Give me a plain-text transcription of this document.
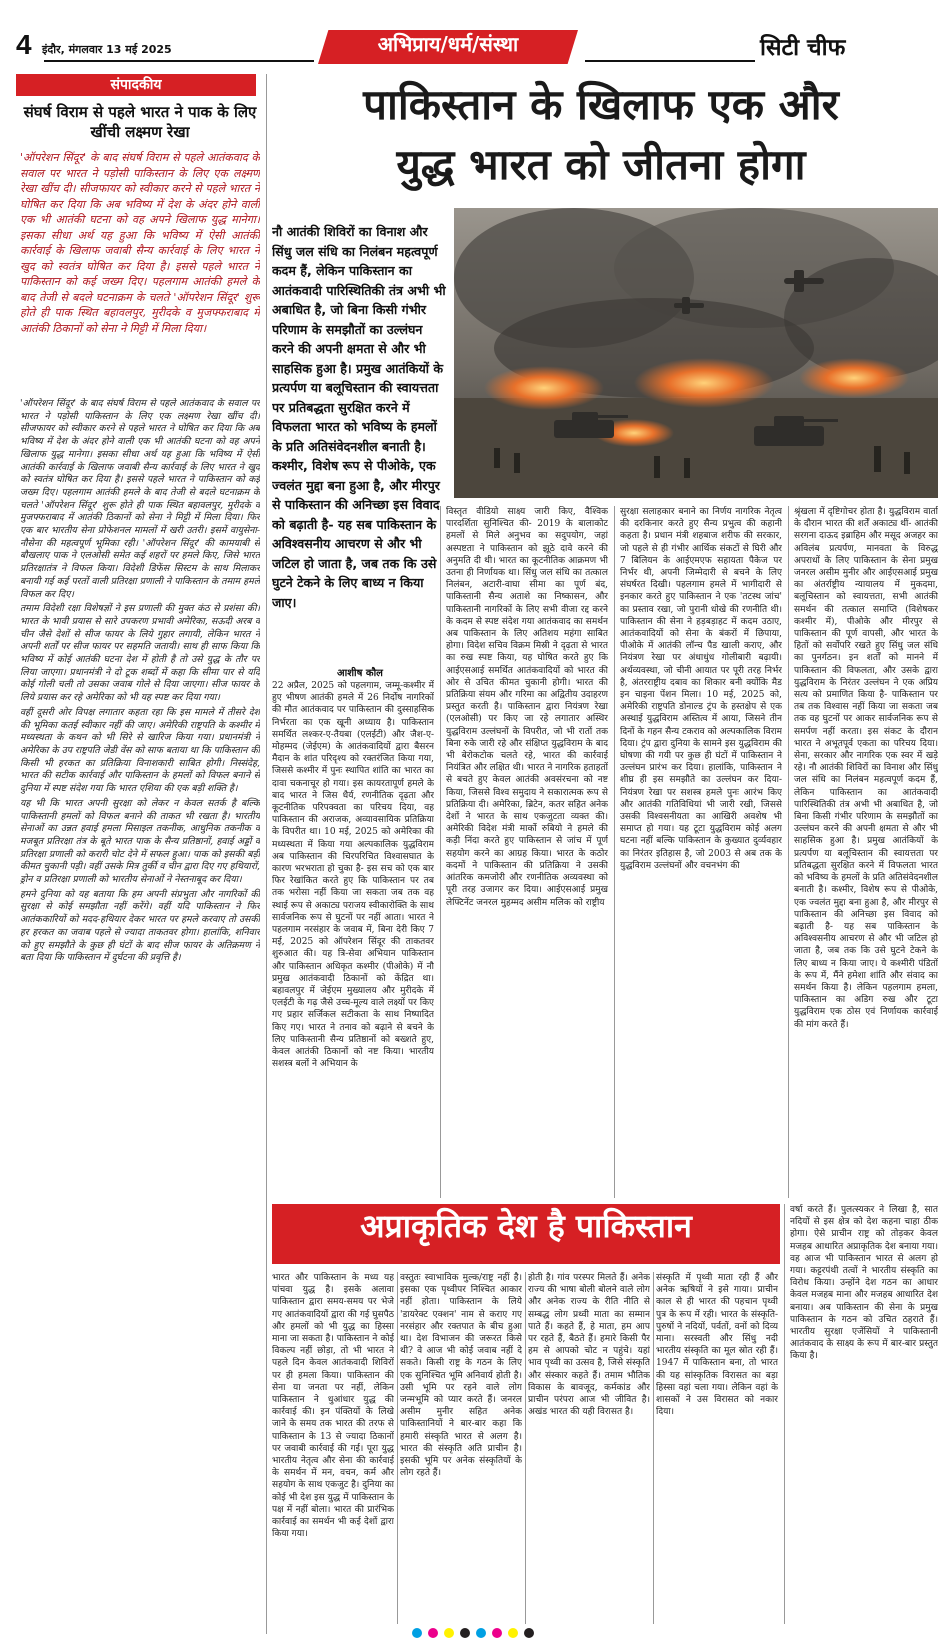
4 इंदौर, मंगलवार 13 मई 2025	अभिप्राय/धर्म/संस्था	सिटी चीफ
संपादकीय
संघर्ष विराम से पहले भारत ने पाक के लिए खींची लक्ष्मण रेखा
'ऑपरेशन सिंदूर' के बाद संघर्ष विराम से पहले आतंकवाद के सवाल पर भारत ने पड़ोसी पाकिस्तान के लिए एक लक्ष्मण रेखा खींच दी। सीजफायर को स्वीकार करने से पहले भारत ने घोषित कर दिया कि अब भविष्य में देश के अंदर होने वाली एक भी आतंकी घटना को वह अपने खिलाफ युद्ध मानेगा। इसका सीधा अर्थ यह हुआ कि भविष्य में ऐसी आतंकी कार्रवाई के खिलाफ जवाबी सैन्य कार्रवाई के लिए भारत ने खुद को स्वतंत्र घोषित कर दिया है। इससे पहले भारत ने पाकिस्तान को कई जख्म दिए। पहलगाम आतंकी हमले के बाद तेजी से बदले घटनाक्रम के चलते 'ऑपरेशन सिंदूर' शुरू होते ही पाक स्थित बहावलपुर, मुरीदके व मुजफ्फराबाद में आतंकी ठिकानों को सेना ने मिट्टी में मिला दिया।

'ऑपरेशन सिंदूर' के बाद संघर्ष विराम से पहले आतंकवाद के सवाल पर भारत ने पड़ोसी पाकिस्तान के लिए एक लक्ष्मण रेखा खींच दी। सीजफायर को स्वीकार करने से पहले भारत ने घोषित कर दिया कि अब भविष्य में देश के अंदर होने वाली एक भी आतंकी घटना को वह अपने खिलाफ युद्ध मानेगा। इसका सीधा अर्थ यह हुआ कि भविष्य में ऐसी आतंकी कार्रवाई के खिलाफ जवाबी सैन्य कार्रवाई के लिए भारत ने खुद को स्वतंत्र घोषित कर दिया है। इससे पहले भारत ने पाकिस्तान को कई जख्म दिए। पहलगाम आतंकी हमले के बाद तेजी से बदले घटनाक्रम के चलते 'ऑपरेशन सिंदूर' शुरू होते ही पाक स्थित बहावलपुर, मुरीदके व मुजफ्फराबाद में आतंकी ठिकानों को सेना ने मिट्टी में मिला दिया। फिर एक बार भारतीय सेना प्रोफेशनल मामलों में खरी उतरी। इसमें वायुसेना-नौसेना की महत्वपूर्ण भूमिका रही। 'ऑपरेशन सिंदूर' की कामयाबी से बौखलाए पाक ने एलओसी समेत कई शहरों पर हमले किए, जिसे भारत प्रतिरक्षातंत्र ने विफल किया। विदेशी डिफेंस सिस्टम के साथ मिलाकर बनायी गई कई परतों वाली प्रतिरक्षा प्रणाली ने पाकिस्तान के तमाम हमले विफल कर दिए।

तमाम विदेशी रक्षा विशेषज्ञों ने इस प्रणाली की मुक्त कंठ से प्रशंसा की। भारत के भावी प्रयास से सारे उपकरण प्रभावी अमेरिका, सऊदी अरब व चीन जैसे देशों से सीज फायर के लिये गुहार लगायी, लेकिन भारत ने अपनी शर्तों पर सीज फायर पर सहमति जतायी। साथ ही साफ किया कि भविष्य में कोई आतंकी घटना देश में होती है तो उसे युद्ध के तौर पर लिया जाएगा। प्रधानमंत्री ने दो टूक शब्दों में कहा कि सीमा पार से यदि कोई गोली चली तो उसका जवाब गोले से दिया जाएगा। सीज फायर के लिये प्रयास कर रहे अमेरिका को भी यह स्पष्ट कर दिया गया।

वहीं दूसरी ओर विपक्ष लगातार कहता रहा कि इस मामले में तीसरे देश की भूमिका कतई स्वीकार नहीं की जाए। अमेरिकी राष्ट्रपति के कश्मीर में मध्यस्थता के कथन को भी सिरे से खारिज किया गया। प्रधानमंत्री ने अमेरिका के उप राष्ट्रपति जेडी वेंस को साफ बताया था कि पाकिस्तान की किसी भी हरकत का प्रतिक्रिया विनाशकारी साबित होगी। निस्संदेह, भारत की सटीक कार्रवाई और पाकिस्तान के हमलों को विफल बनाने से दुनिया में स्पष्ट संदेश गया कि भारत एशिया की एक बड़ी शक्ति है।

यह भी कि भारत अपनी सुरक्षा को लेकर न केवल सतर्क है बल्कि पाकिस्तानी हमलों को विफल बनाने की ताकत भी रखता है। भारतीय सेनाओं का उन्नत हवाई हमला मिसाइल तकनीक, आधुनिक तकनीक व मजबूत प्रतिरक्षा तंत्र के बूते भारत पाक के सैन्य प्रतिष्ठानों, हवाई अड्डों व प्रतिरक्षा प्रणाली को करारी चोट देने में सफल हुआ। पाक को इसकी बड़ी कीमत चुकानी पड़ी। वहीं उसके मित्र तुर्की व चीन द्वारा दिए गए हथियारों, ड्रोन व प्रतिरक्षा प्रणाली को भारतीय सेनाओं ने नेस्तनाबूद कर दिया।

हमने दुनिया को यह बताया कि हम अपनी संप्रभुता और नागरिकों की सुरक्षा से कोई समझौता नहीं करेंगे। वहीं यदि पाकिस्तान ने फिर आतंककारियों को मदद-हथियार देकर भारत पर हमले करवाए तो उसकी हर हरकत का जवाब पहले से ज्यादा ताकतवर होगा। हालांकि, शनिवार को हुए समझौते के कुछ ही घंटों के बाद सीज फायर के अतिक्रमण ने बता दिया कि पाकिस्तान में दुर्घटना की प्रवृत्ति है।

पाकिस्तान के खिलाफ एक और
युद्ध भारत को जीतना होगा
नौ आतंकी शिविरों का विनाश और सिंधु जल संधि का निलंबन महत्वपूर्ण कदम हैं, लेकिन पाकिस्तान का आतंकवादी पारिस्थितिकी तंत्र अभी भी अबाधित है, जो बिना किसी गंभीर परिणाम के समझौतों का उल्लंघन करने की अपनी क्षमता से और भी साहसिक हुआ है। प्रमुख आतंकियों के प्रत्यर्पण या बलूचिस्तान की स्वायत्तता पर प्रतिबद्धता सुरक्षित करने में विफलता भारत को भविष्य के हमलों के प्रति अतिसंवेदनशील बनाती है। कश्मीर, विशेष रूप से पीओके, एक ज्वलंत मुद्दा बना हुआ है, और मीरपुर से पाकिस्तान की अनिच्छा इस विवाद को बढ़ाती है- यह सब पाकिस्तान के अविश्वसनीय आचरण से और भी जटिल हो जाता है, जब तक कि उसे घुटने टेकने के लिए बाध्य न किया जाए।
आशीष कौल
22 अप्रैल, 2025 को पहलगाम, जम्मू-कश्मीर में हुए भीषण आतंकी हमले में 26 निर्दोष नागरिकों की मौत आतंकवाद पर पाकिस्तान की दुस्साहसिक निर्भरता का एक खूनी अध्याय है। पाकिस्तान समर्थित लश्कर-ए-तैयबा (एलईटी) और जैश-ए-मोहम्मद (जेईएम) के आतंकवादियों द्वारा बैसरन मैदान के शांत परिदृश्य को रक्तरंजित किया गया, जिससे कश्मीर में पुनः स्थापित शांति का भारत का दावा चकनाचूर हो गया। इस कायरतापूर्ण हमले के बाद भारत ने जिस धैर्य, रणनीतिक दृढ़ता और कूटनीतिक परिपक्वता का परिचय दिया, वह पाकिस्तान की अराजक, अव्यावसायिक प्रतिक्रिया के विपरीत था। 10 मई, 2025 को अमेरिका की मध्यस्थता में किया गया अल्पकालिक युद्धविराम अब पाकिस्तान की चिरपरिचित विश्वासघात के कारण भरभराता हो चुका है- इस सच को एक बार फिर रेखांकित करते हुए कि पाकिस्तान पर तब तक भरोसा नहीं किया जा सकता जब तक वह स्थाई रूप से अकाट्य पराजय स्वीकारोक्ति के साथ सार्वजनिक रूप से घुटनों पर नहीं आता। भारत ने पहलगाम नरसंहार के जवाब में, बिना देरी किए 7 मई, 2025 को ऑपरेशन सिंदूर की ताकतवर शुरुआत की। यह त्रि-सेवा अभियान पाकिस्तान और पाकिस्तान अधिकृत कश्मीर (पीओके) में नौ प्रमुख आतंकवादी ठिकानों को केंद्रित था। बहावलपुर में जेईएम मुख्यालय और मुरीदके में एलईटी के गढ़ जैसे उच्च-मूल्य वाले लक्ष्यों पर किए गए प्रहार सर्जिकल सटीकता के साथ निष्पादित किए गए। भारत ने तनाव को बढ़ाने से बचने के लिए पाकिस्तानी सैन्य प्रतिष्ठानों को बख्शते हुए, केवल आतंकी ठिकानों को नष्ट किया। भारतीय सशस्त्र बलों ने अभियान के
विस्तृत वीडियो साक्ष्य जारी किए, वैश्विक पारदर्शिता सुनिश्चित की- 2019 के बालाकोट हमलों से मिले अनुभव का सदुपयोग, जहां अस्पष्टता ने पाकिस्तान को झूठे दावे करने की अनुमति दी थी। भारत का कूटनीतिक आक्रमण भी उतना ही निर्णायक था। सिंधु जल संधि का तत्काल निलंबन, अटारी-वाघा सीमा का पूर्ण बंद, पाकिस्तानी सैन्य अताशे का निष्कासन, और पाकिस्तानी नागरिकों के लिए सभी वीजा रद्द करने के कदम से स्पष्ट संदेश गया आतंकवाद का समर्थन अब पाकिस्तान के लिए अतिशय महंगा साबित होगा। विदेश सचिव विक्रम मिस्री ने दृढ़ता से भारत का रुख स्पष्ट किया, यह घोषित करते हुए कि आईएसआई समर्थित आतंकवादियों को भारत की ओर से उचित कीमत चुकानी होगी। भारत की प्रतिक्रिया संयम और गरिमा का अद्वितीय उदाहरण प्रस्तुत करती है। पाकिस्तान द्वारा नियंत्रण रेखा (एलओसी) पर किए जा रहे लगातार अस्थिर युद्धविराम उल्लंघनों के विपरीत, जो भी रातों तक बिना रुके जारी रहे और संक्षिप्त युद्धविराम के बाद भी बेरोकटोक चलते रहे, भारत की कार्रवाई नियंत्रित और लक्षित थी। भारत ने नागरिक हताहतों से बचते हुए केवल आतंकी अवसंरचना को नष्ट किया, जिससे विश्व समुदाय ने सकारात्मक रूप से प्रतिक्रिया दी। अमेरिका, ब्रिटेन, कतर सहित अनेक देशों ने भारत के साथ एकजुटता व्यक्त की। अमेरिकी विदेश मंत्री मार्को रुबियो ने हमले की कड़ी निंदा करते हुए पाकिस्तान से जांच में पूर्ण सहयोग करने का आग्रह किया। भारत के कठोर कदमों ने पाकिस्तान की प्रतिक्रिया ने उसकी आंतरिक कमजोरी और रणनीतिक अव्यवस्था को पूरी तरह उजागर कर दिया। आईएसआई प्रमुख लेफ्टिनेंट जनरल मुहम्मद असीम मलिक को राष्ट्रीय
सुरक्षा सलाहकार बनाने का निर्णय नागरिक नेतृत्व की दरकिनार करते हुए सैन्य प्रभुत्व की कहानी कहता है। प्रधान मंत्री शहबाज शरीफ की सरकार, जो पहले से ही गंभीर आर्थिक संकटों से घिरी और 7 बिलियन के आईएमएफ सहायता पैकेज पर निर्भर थी, अपनी जिम्मेदारी से बचने के लिए संघर्षरत दिखी। पहलगाम हमले में भागीदारी से इनकार करते हुए पाकिस्तान ने एक 'तटस्थ जांच' का प्रस्ताव रखा, जो पुरानी धोखे की रणनीति थी। पाकिस्तान की सेना ने हड़बड़ाहट में कदम उठाए, आतंकवादियों को सेना के बंकरों में छिपाया, पीओके में आतंकी लॉन्च पैड खाली कराए, और नियंत्रण रेखा पर अंधाधुंध गोलीबारी बढ़ायी। अर्थव्यवस्था, जो चीनी आयात पर पूरी तरह निर्भर है, अंतरराष्ट्रीय दबाव का शिकार बनी क्योंकि मैड इन चाइना पेंशन मिला। 10 मई, 2025 को, अमेरिकी राष्ट्रपति डोनाल्ड ट्रंप के हस्तक्षेप से एक अस्थाई युद्धविराम अस्तित्व में आया, जिसने तीन दिनों के गहन सैन्य टकराव को अल्पकालिक विराम दिया। ट्रंप द्वारा दुनिया के सामने इस युद्धविराम की घोषणा की गयी पर कुछ ही घंटों में पाकिस्तान ने उल्लंघन प्रारंभ कर दिया। हालांकि, पाकिस्तान ने शीघ्र ही इस समझौते का उल्लंघन कर दिया- नियंत्रण रेखा पर सशस्त्र हमले पुनः आरंभ किए और आतंकी गतिविधियां भी जारी रखी, जिससे उसकी विश्वसनीयता का आखिरी अवशेष भी समाप्त हो गया। यह टूटा युद्धविराम कोई अलग घटना नहीं बल्कि पाकिस्तान के कुख्यात दुर्व्यवहार का निरंतर इतिहास है, जो 2003 से अब तक के युद्धविराम उल्लंघनों और वचनभंग की
श्रृंखला में दृष्टिगोचर होता है। युद्धविराम वार्ता के दौरान भारत की शर्तें अकाट्य थीं- आतंकी सरगना दाऊद इब्राहिम और मसूद अजहर का अविलंब प्रत्यर्पण, मानवता के विरुद्ध अपराधों के लिए पाकिस्तान के सेना प्रमुख जनरल असीम मुनीर और आईएसआई प्रमुख का अंतर्राष्ट्रीय न्यायालय में मुकदमा, बलूचिस्तान को स्वायत्तता, सभी आतंकी समर्थन की तत्काल समाप्ति (विशेषकर कश्मीर में), पीओके और मीरपुर से पाकिस्तान की पूर्ण वापसी, और भारत के हितों को सर्वोपरि रखते हुए सिंधु जल संधि का पुनर्गठन। इन शर्तों को मानने में पाकिस्तान की विफलता, और उसके द्वारा युद्धविराम के निरंतर उल्लंघन ने एक अप्रिय सत्य को प्रमाणित किया है- पाकिस्तान पर तब तक विश्वास नहीं किया जा सकता जब तक वह घुटनों पर आकर सार्वजनिक रूप से समर्पण नहीं करता। इस संकट के दौरान भारत ने अभूतपूर्व एकता का परिचय दिया। सेना, सरकार और नागरिक एक स्वर में खड़े रहे। नौ आतंकी शिविरों का विनाश और सिंधु जल संधि का निलंबन महत्वपूर्ण कदम हैं, लेकिन पाकिस्तान का आतंकवादी पारिस्थितिकी तंत्र अभी भी अबाधित है, जो बिना किसी गंभीर परिणाम के समझौतों का उल्लंघन करने की अपनी क्षमता से और भी साहसिक हुआ है। प्रमुख आतंकियों के प्रत्यर्पण या बलूचिस्तान की स्वायत्तता पर प्रतिबद्धता सुरक्षित करने में विफलता भारत को भविष्य के हमलों के प्रति अतिसंवेदनशील बनाती है। कश्मीर, विशेष रूप से पीओके, एक ज्वलंत मुद्दा बना हुआ है, और मीरपुर से पाकिस्तान की अनिच्छा इस विवाद को बढ़ाती है- यह सब पाकिस्तान के अविश्वसनीय आचरण से और भी जटिल हो जाता है, जब तक कि उसे घुटने टेकने के लिए बाध्य न किया जाए। ये कश्मीरी पंडितों के रूप में, मैंने हमेशा शांति और संवाद का समर्थन किया है। लेकिन पहलगाम हमला, पाकिस्तान का अडिग रुख और टूटा युद्धविराम एक ठोस एवं निर्णायक कार्रवाई की मांग करते हैं।
अप्राकृतिक देश है पाकिस्तान
भारत और पाकिस्तान के मध्य यह पांचवा युद्ध है। इसके अलावा पाकिस्तान द्वारा समय-समय पर भेजे गए आतंकवादियों द्वारा की गई घुसपैठ और हमलों को भी युद्ध का हिस्सा माना जा सकता है। पाकिस्तान ने कोई विकल्प नहीं छोड़ा, तो भी भारत ने पहले दिन केवल आतंकवादी शिविरों पर ही हमला किया। पाकिस्तान की सेना या जनता पर नहीं, लेकिन पाकिस्तान ने धुआंधार युद्ध की कार्रवाई की। इन पंक्तियों के लिखे जाने के समय तक भारत की तरफ से पाकिस्तान के 13 से ज्यादा ठिकानों पर जवाबी कार्रवाई की गई। पूरा युद्ध भारतीय नेतृत्व और सेना की कार्रवाई के समर्थन में मन, वचन, कर्म और सहयोग के साथ एकजुट है। दुनिया का कोई भी देश इस युद्ध में पाकिस्तान के पक्ष में नहीं बोला। भारत की प्रारंभिक कार्रवाई का समर्थन भी कई देशों द्वारा किया गया।
वस्तुतः स्वाभाविक मुल्क/राष्ट्र नहीं है। इसका एक पृथ्वीपर निश्चित आकार नहीं होता। पाकिस्तान के लिये 'डायरेक्ट एक्शन' नाम से कराए गए नरसंहार और रक्तपात के बीच हुआ था। देश विभाजन की जरूरत किसे थी? वे आज भी कोई जवाब नहीं दे सकते। किसी राष्ट्र के गठन के लिए एक सुनिश्चित भूमि अनिवार्य होती है। उसी भूमि पर रहने वाले लोग जन्मभूमि को प्यार करते हैं। जनरल असीम मुनीर सहित अनेक पाकिस्तानियों ने बार-बार कहा कि हमारी संस्कृति भारत से अलग है। भारत की संस्कृति अति प्राचीन है। इसकी भूमि पर अनेक संस्कृतियों के लोग रहते हैं।
होती है। गांव परस्पर मिलते हैं। अनेक राज्य की भाषा बोली बोलने वाले लोग और अनेक राज्य के रीति नीति से सम्बद्ध लोग प्रथ्वी माता का सम्मान पाते हैं। कहते हैं, हे माता, हम आप पर रहते हैं, बैठते हैं। हमारे किसी पैर हम से आपको चोट न पहुंचे। यहां भाव पृथ्वी का उत्सव है, जिसे संस्कृति और संस्कार कहते हैं। तमाम भौतिक विकास के बावजूद, कर्मकांड और प्राचीन परंपरा आज भी जीवित है। अखंड भारत की यही विरासत है।
संस्कृति में पृथ्वी माता रही हैं और अनेक ऋषियों ने इसे गाया। प्राचीन काल से ही भारत की पहचान पृथ्वी पुत्र के रूप में रही। भारत के संस्कृति-पुरुषों ने नदियों, पर्वतों, वनों को दिव्य माना। सरस्वती और सिंधु नदी भारतीय संस्कृति का मूल स्रोत रही हैं। 1947 में पाकिस्तान बना, तो भारत की यह सांस्कृतिक विरासत का बड़ा हिस्सा वहां चला गया। लेकिन वहां के शासकों ने उस विरासत को नकार दिया।
वर्षा करते हैं। पुलत्स्यकर ने लिखा है, सात नदियों से इस क्षेत्र को देश कहना चाहा ठीक होगा। ऐसे प्राचीन राष्ट्र को तोड़कर केवल मजहब आधारित अप्राकृतिक देश बनाया गया। वह आज भी पाकिस्तान भारत से अलग हो गया। कट्टरपंथी तत्वों ने भारतीय संस्कृति का विरोध किया। उन्होंने देश गठन का आधार केवल मजहब माना और मजहब आधारित देश बनाया। अब पाकिस्तान की सेना के प्रमुख पाकिस्तान के गठन को उचित ठहराते हैं। भारतीय सुरक्षा एजेंसियों ने पाकिस्तानी आतंकवाद के साक्ष्य के रूप में बार-बार प्रस्तुत किया है।
